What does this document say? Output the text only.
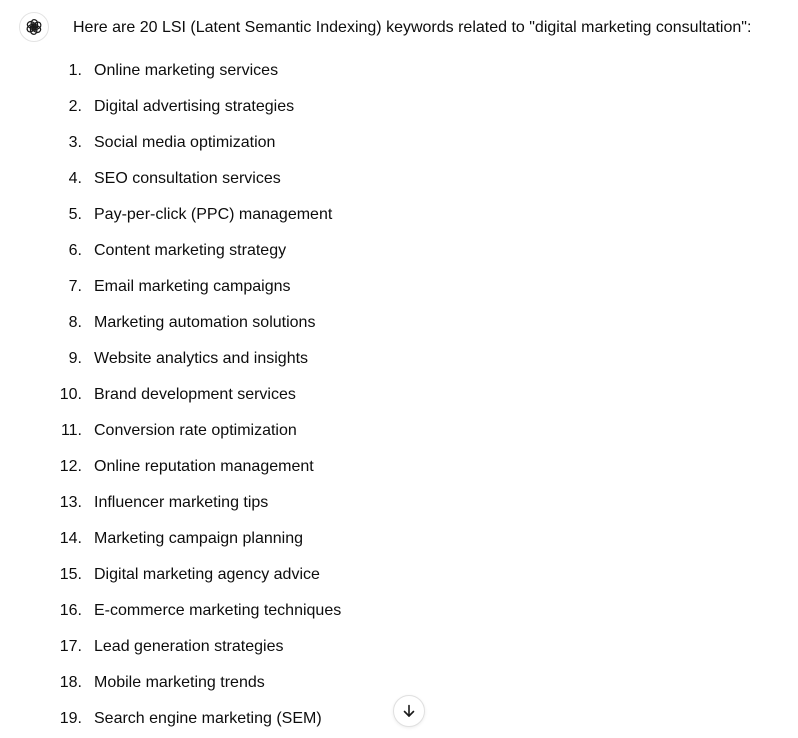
Here are 20 LSI (Latent Semantic Indexing) keywords related to "digital marketing consultation":
1. Online marketing services
2. Digital advertising strategies
3. Social media optimization
4. SEO consultation services
5. Pay-per-click (PPC) management
6. Content marketing strategy
7. Email marketing campaigns
8. Marketing automation solutions
9. Website analytics and insights
10. Brand development services
11. Conversion rate optimization
12. Online reputation management
13. Influencer marketing tips
14. Marketing campaign planning
15. Digital marketing agency advice
16. E-commerce marketing techniques
17. Lead generation strategies
18. Mobile marketing trends
19. Search engine marketing (SEM)
